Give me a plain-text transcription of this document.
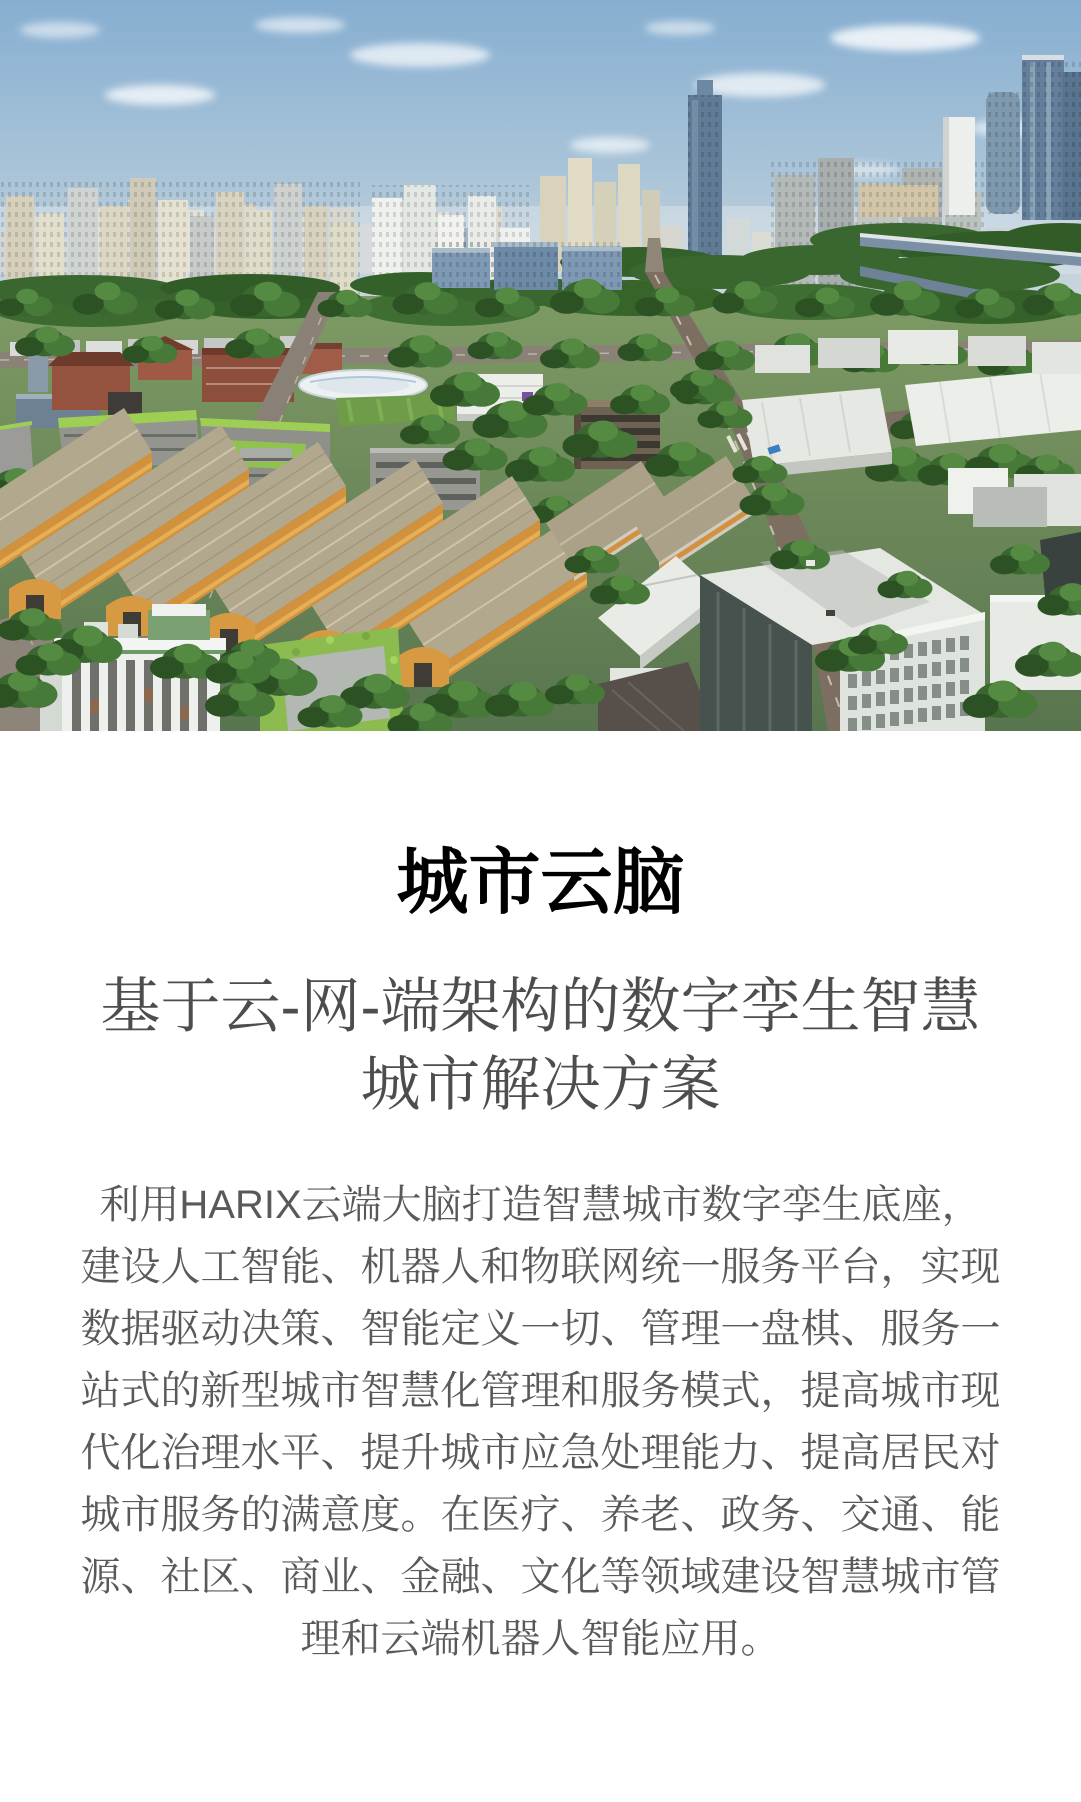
城市云脑
基于云-网-端架构的数字孪生智慧
城市解决方案
利用HARIX云端大脑打造智慧城市数字孪生底座，
建设人工智能、机器人和物联网统一服务平台，实现
数据驱动决策、智能定义一切、管理一盘棋、服务一
站式的新型城市智慧化管理和服务模式，提高城市现
代化治理水平、提升城市应急处理能力、提高居民对
城市服务的满意度。在医疗、养老、政务、交通、能
源、社区、商业、金融、文化等领域建设智慧城市管
理和云端机器人智能应用。
